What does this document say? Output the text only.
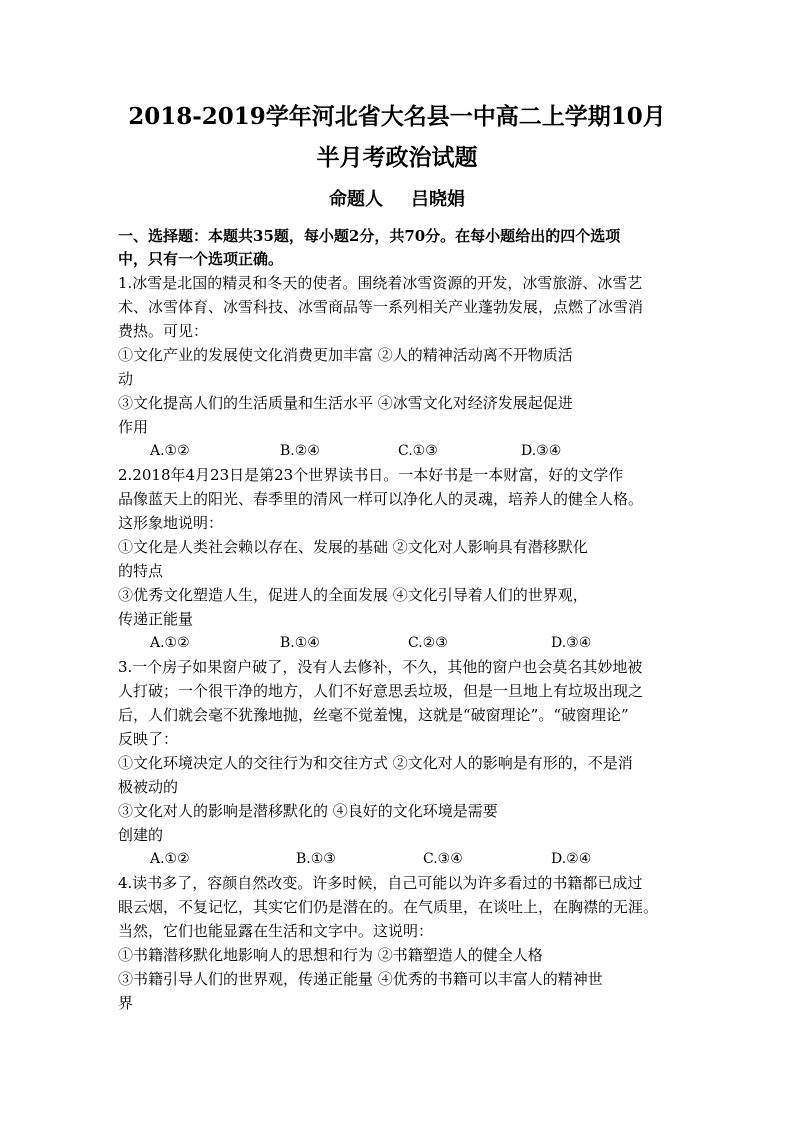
2018-2019学年河北省大名县一中高二上学期10月
半月考政治试题
命题人 吕晓娟
一、选择题：本题共35题，每小题2分，共70分。在每小题给出的四个选项
中，只有一个选项正确。
1.冰雪是北国的精灵和冬天的使者。围绕着冰雪资源的开发，冰雪旅游、冰雪艺
术、冰雪体育、冰雪科技、冰雪商品等一系列相关产业蓬勃发展，点燃了冰雪消
费热。可见：
①文化产业的发展使文化消费更加丰富 ②人的精神活动离不开物质活
动
③文化提高人们的生活质量和生活水平 ④冰雪文化对经济发展起促进
作用
A.①②	B.②④	C.①③	D.③④
2.2018年4月23日是第23个世界读书日。一本好书是一本财富，好的文学作
品像蓝天上的阳光、春季里的清风一样可以净化人的灵魂，培养人的健全人格。
这形象地说明：
①文化是人类社会赖以存在、发展的基础 ②文化对人影响具有潜移默化
的特点
③优秀文化塑造人生，促进人的全面发展 ④文化引导着人们的世界观，
传递正能量
A.①②	B.①④	C.②③	D.③④
3.一个房子如果窗户破了，没有人去修补，不久，其他的窗户也会莫名其妙地被
人打破；一个很干净的地方，人们不好意思丢垃圾，但是一旦地上有垃圾出现之
后，人们就会毫不犹豫地抛，丝毫不觉羞愧，这就是“破窗理论”。“破窗理论”
反映了：
①文化环境决定人的交往行为和交往方式 ②文化对人的影响是有形的，不是消
极被动的
③文化对人的影响是潜移默化的 ④良好的文化环境是需要
创建的
A.①②	B.①③	C.③④	D.②④
4.读书多了，容颜自然改变。许多时候，自己可能以为许多看过的书籍都已成过
眼云烟，不复记忆，其实它们仍是潜在的。在气质里，在谈吐上，在胸襟的无涯。
当然，它们也能显露在生活和文字中。这说明：
①书籍潜移默化地影响人的思想和行为 ②书籍塑造人的健全人格
③书籍引导人们的世界观，传递正能量 ④优秀的书籍可以丰富人的精神世
界
